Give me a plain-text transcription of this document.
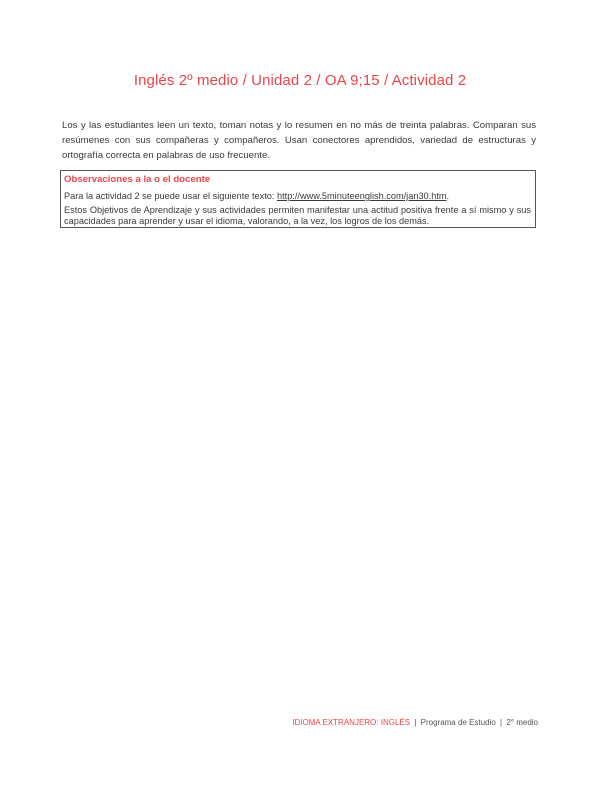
Inglés 2º medio / Unidad 2 / OA 9;15 / Actividad 2
Los y las estudiantes leen un texto, toman notas y lo resumen en no más de treinta palabras. Comparan sus resúmenes con sus compañeras y compañeros. Usan conectores aprendidos, variedad de estructuras y ortografía correcta en palabras de uso frecuente.
Observaciones a la o el docente
Para la actividad 2 se puede usar el siguiente texto: http://www.5minuteenglish.com/jan30.htm.
Estos Objetivos de Aprendizaje y sus actividades permiten manifestar una actitud positiva frente a sí mismo y sus capacidades para aprender y usar el idioma, valorando, a la vez, los logros de los demás.
IDIOMA EXTRANJERO: INGLÉS | Programa de Estudio | 2° medio
